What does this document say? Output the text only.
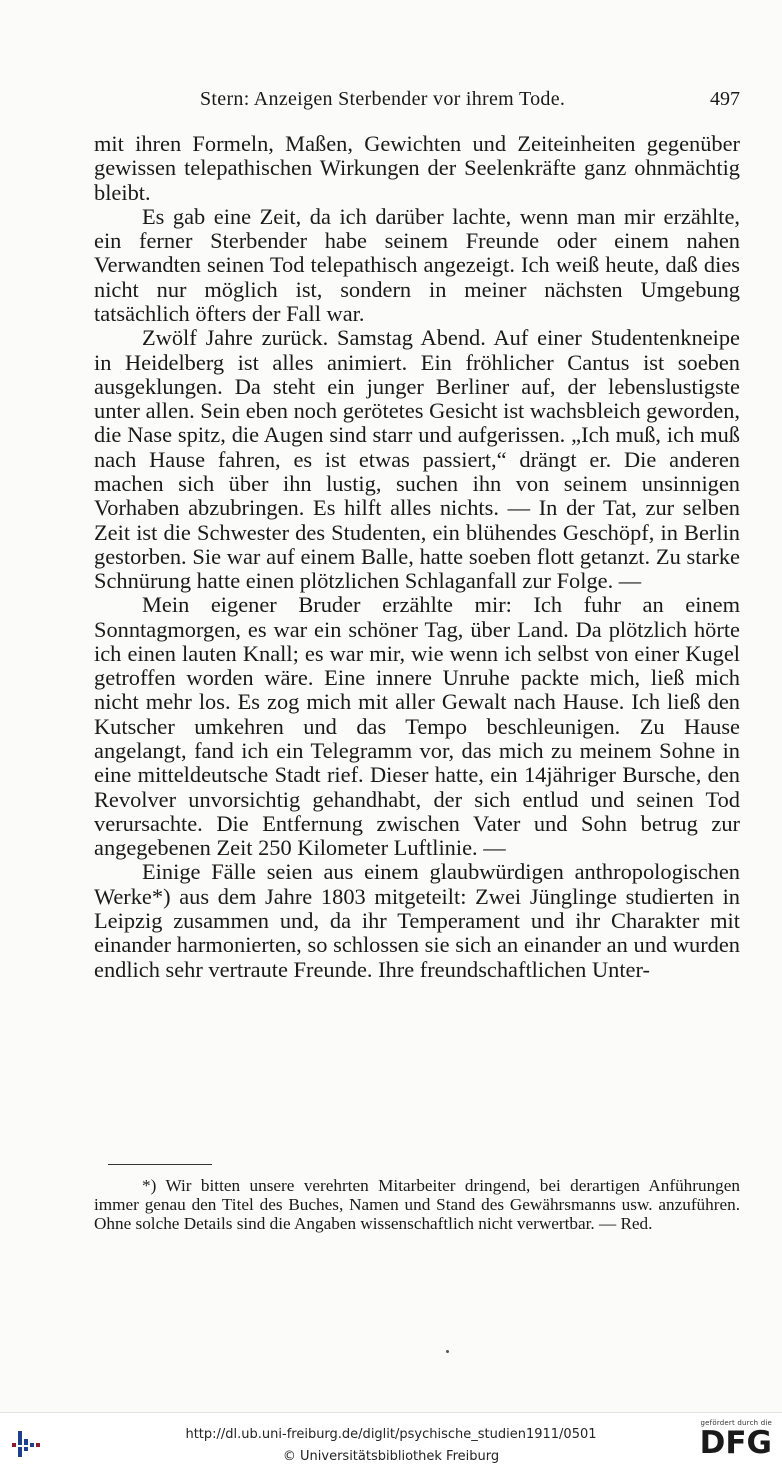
Stern: Anzeigen Sterbender vor ihrem Tode.	497

mit ihren Formeln, Maßen, Gewichten und Zeiteinheiten gegenüber gewissen telepathischen Wirkungen der Seelenkräfte ganz ohnmächtig bleibt.

Es gab eine Zeit, da ich darüber lachte, wenn man mir erzählte, ein ferner Sterbender habe seinem Freunde oder einem nahen Verwandten seinen Tod telepathisch angezeigt. Ich weiß heute, daß dies nicht nur möglich ist, sondern in meiner nächsten Umgebung tatsächlich öfters der Fall war.

Zwölf Jahre zurück. Samstag Abend. Auf einer Studentenkneipe in Heidelberg ist alles animiert. Ein fröhlicher Cantus ist soeben ausgeklungen. Da steht ein junger Berliner auf, der lebenslustigste unter allen. Sein eben noch gerötetes Gesicht ist wachsbleich geworden, die Nase spitz, die Augen sind starr und aufgerissen. „Ich muß, ich muß nach Hause fahren, es ist etwas passiert,“ drängt er. Die anderen machen sich über ihn lustig, suchen ihn von seinem unsinnigen Vorhaben abzubringen. Es hilft alles nichts. — In der Tat, zur selben Zeit ist die Schwester des Studenten, ein blühendes Geschöpf, in Berlin gestorben. Sie war auf einem Balle, hatte soeben flott getanzt. Zu starke Schnürung hatte einen plötzlichen Schlaganfall zur Folge. —

Mein eigener Bruder erzählte mir: Ich fuhr an einem Sonntagmorgen, es war ein schöner Tag, über Land. Da plötzlich hörte ich einen lauten Knall; es war mir, wie wenn ich selbst von einer Kugel getroffen worden wäre. Eine innere Unruhe packte mich, ließ mich nicht mehr los. Es zog mich mit aller Gewalt nach Hause. Ich ließ den Kutscher umkehren und das Tempo beschleunigen. Zu Hause angelangt, fand ich ein Telegramm vor, das mich zu meinem Sohne in eine mitteldeutsche Stadt rief. Dieser hatte, ein 14jähriger Bursche, den Revolver unvorsichtig gehandhabt, der sich entlud und seinen Tod verursachte. Die Entfernung zwischen Vater und Sohn betrug zur angegebenen Zeit 250 Kilometer Luftlinie. —

Einige Fälle seien aus einem glaubwürdigen anthropologischen Werke*) aus dem Jahre 1803 mitgeteilt: Zwei Jünglinge studierten in Leipzig zusammen und, da ihr Temperament und ihr Charakter mit einander harmonierten, so schlossen sie sich an einander an und wurden endlich sehr vertraute Freunde. Ihre freundschaftlichen Unter-

*) Wir bitten unsere verehrten Mitarbeiter dringend, bei derartigen Anführungen immer genau den Titel des Buches, Namen und Stand des Gewährsmanns usw. anzuführen. Ohne solche Details sind die Angaben wissenschaftlich nicht verwertbar. — Red.

http://dl.ub.uni-freiburg.de/diglit/psychische_studien1911/0501
© Universitätsbibliothek Freiburg
gefördert durch die
DFG
